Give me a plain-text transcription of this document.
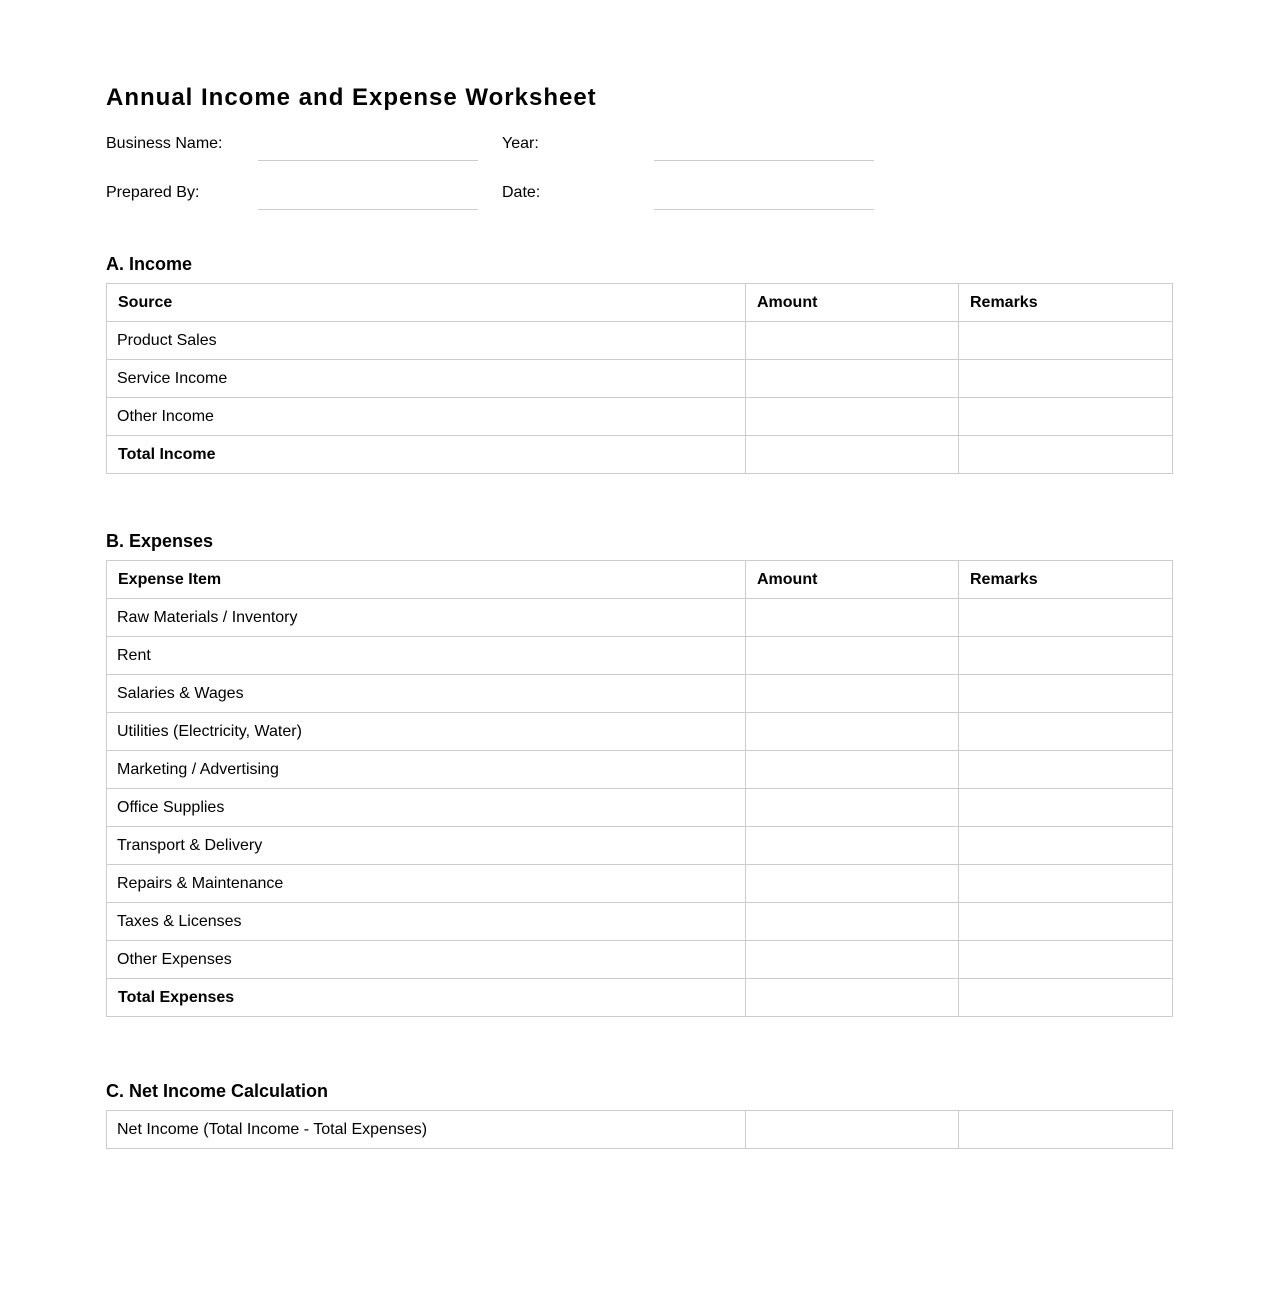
Annual Income and Expense Worksheet
Business Name:	Year:
Prepared By:	Date:
A. Income
Source	Amount	Remarks
Product Sales		
Service Income		
Other Income		
Total Income		
B. Expenses
Expense Item	Amount	Remarks
Raw Materials / Inventory		
Rent		
Salaries & Wages		
Utilities (Electricity, Water)		
Marketing / Advertising		
Office Supplies		
Transport & Delivery		
Repairs & Maintenance		
Taxes & Licenses		
Other Expenses		
Total Expenses		
C. Net Income Calculation
Net Income (Total Income - Total Expenses)		
